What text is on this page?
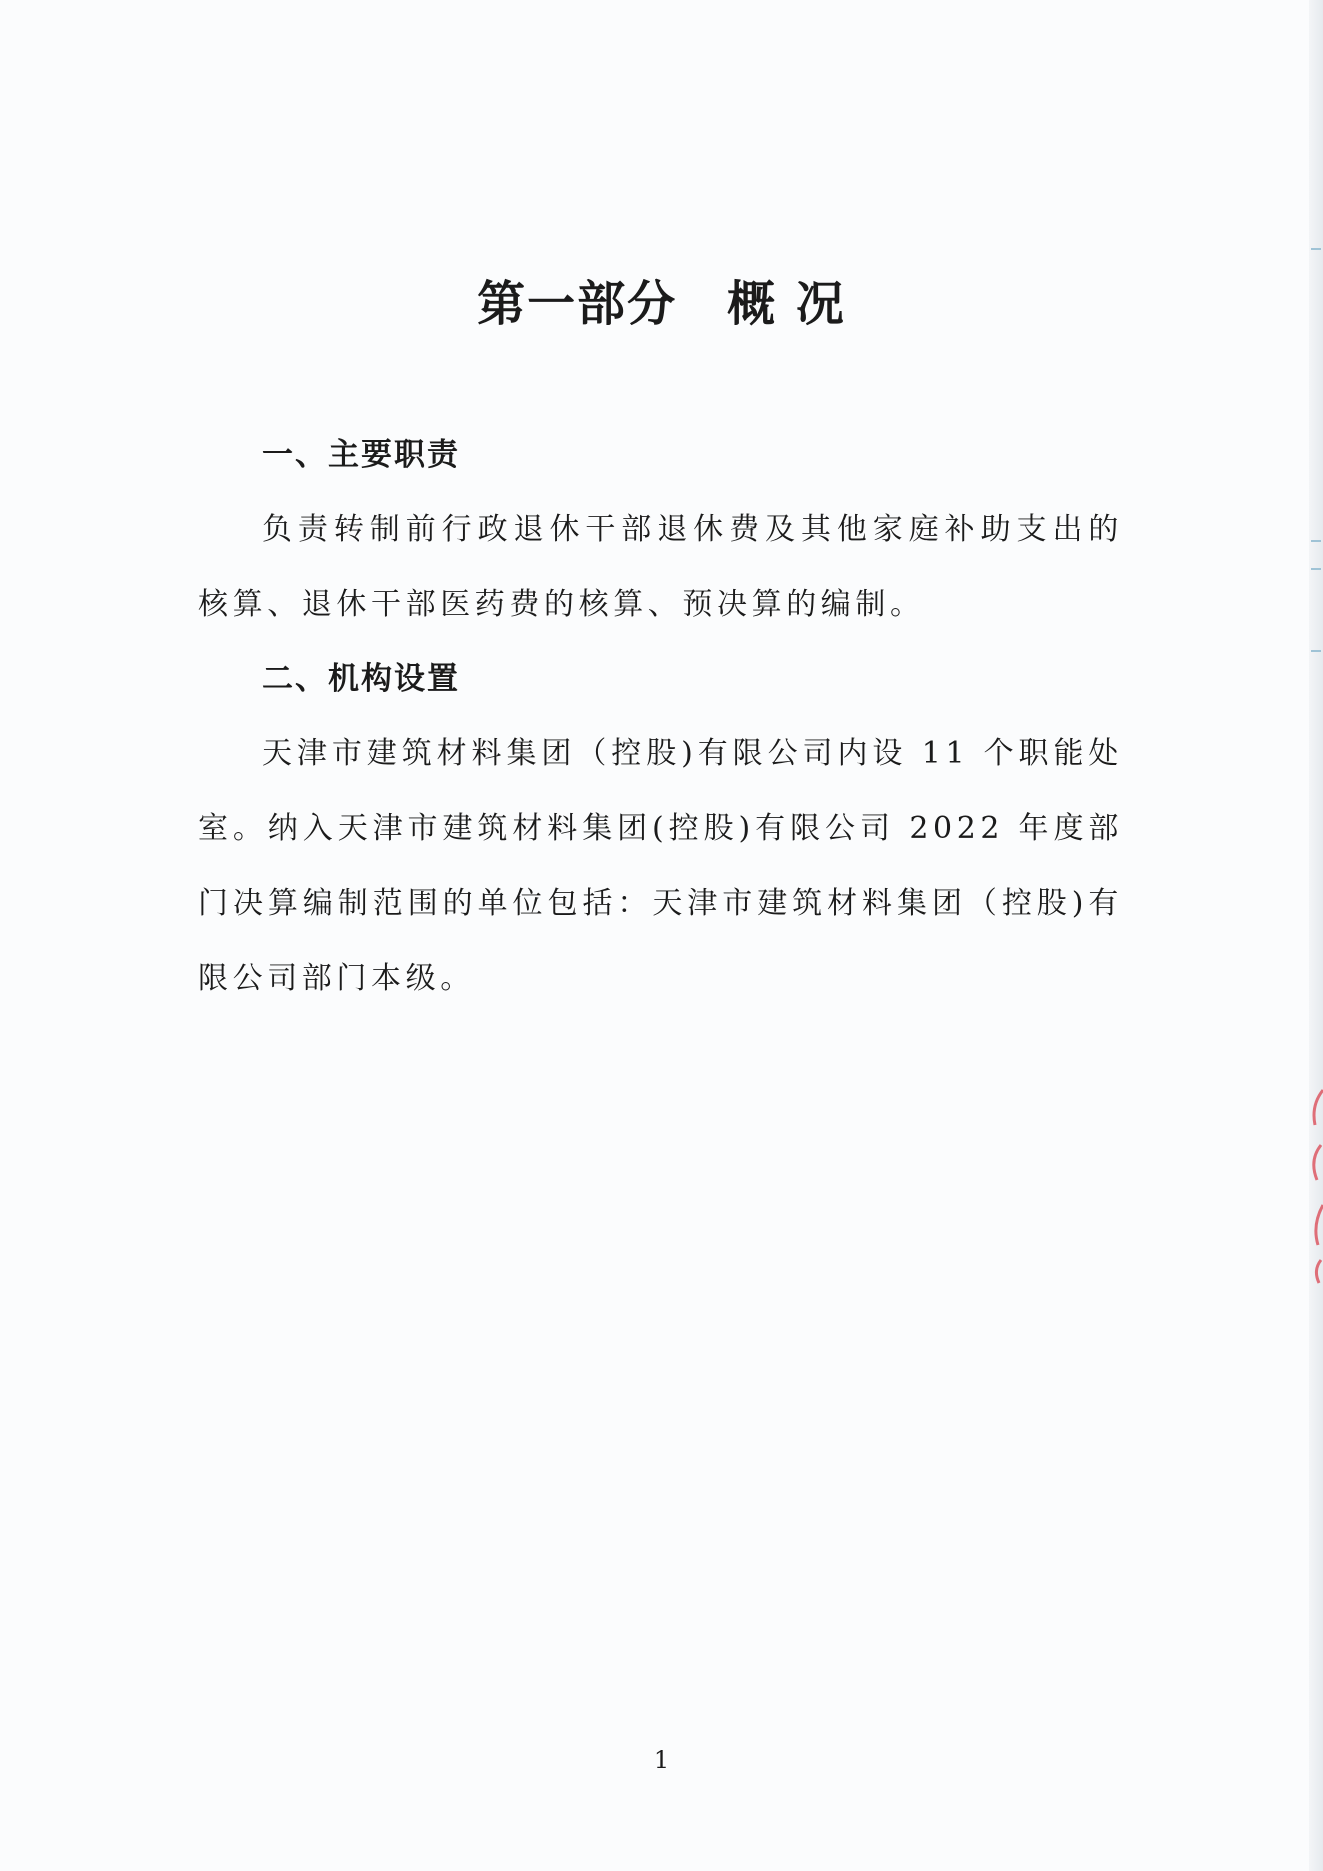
第一部分　概 况
一、主要职责

负责转制前行政退休干部退休费及其他家庭补助支出的核算、退休干部医药费的核算、预决算的编制。

二、机构设置

天津市建筑材料集团（控股)有限公司内设 11 个职能处室。纳入天津市建筑材料集团(控股)有限公司 2022 年度部门决算编制范围的单位包括：天津市建筑材料集团（控股)有限公司部门本级。

1
